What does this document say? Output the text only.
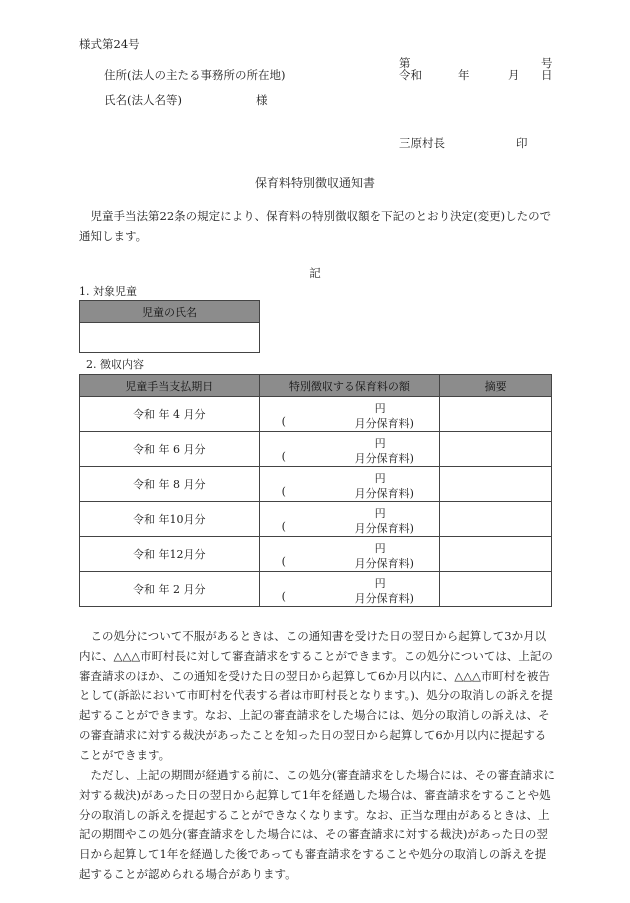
様式第24号
第	号
住所(法人の主たる事務所の所在地)	令和	年	月 日
氏名(法人名等)	様
三原村長	印
保育料特別徴収通知書
児童手当法第22条の規定により、保育料の特別徴収額を下記のとおり決定(変更)したので通知します。
記
1. 対象児童
児童の氏名

2. 徴収内容
児童手当支払期日	特別徴収する保育料の額	摘要
令和 年 4 月分	円
( 月分保育料)	

令和 年 6 月分	円
( 月分保育料)	

令和 年 8 月分	円
( 月分保育料)	

令和 年10月分	円
( 月分保育料)	

令和 年12月分	円
( 月分保育料)	

令和 年 2 月分	円
( 月分保育料)	

この処分について不服があるときは、この通知書を受けた日の翌日から起算して3か月以内に、△△△市町村長に対して審査請求をすることができます。この処分については、上記の審査請求のほか、この通知を受けた日の翌日から起算して6か月以内に、△△△市町村を被告として(訴訟において市町村を代表する者は市町村長となります。)、処分の取消しの訴えを提起することができます。なお、上記の審査請求をした場合には、処分の取消しの訴えは、その審査請求に対する裁決があったことを知った日の翌日から起算して6か月以内に提起することができます。
ただし、上記の期間が経過する前に、この処分(審査請求をした場合には、その審査請求に対する裁決)があった日の翌日から起算して1年を経過した場合は、審査請求をすることや処分の取消しの訴えを提起することができなくなります。なお、正当な理由があるときは、上記の期間やこの処分(審査請求をした場合には、その審査請求に対する裁決)があった日の翌日から起算して1年を経過した後であっても審査請求をすることや処分の取消しの訴えを提起することが認められる場合があります。
